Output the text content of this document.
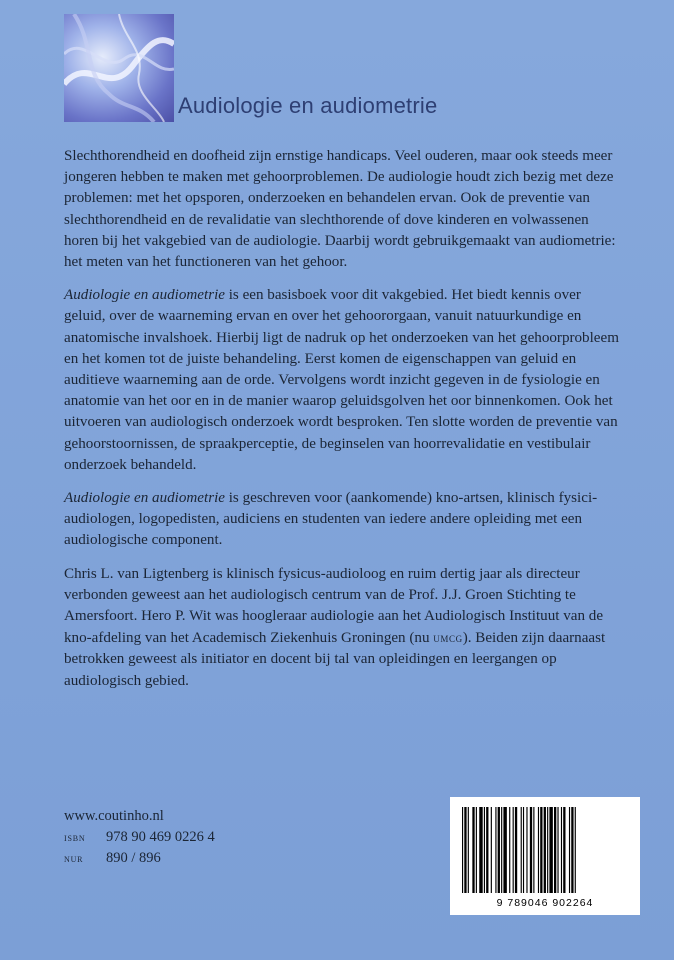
Audiologie en audiometrie

Slechthorendheid en doofheid zijn ernstige handicaps. Veel ouderen, maar ook steeds meer jongeren hebben te maken met gehoorproblemen. De audiologie houdt zich bezig met deze problemen: met het opsporen, onderzoeken en behandelen ervan. Ook de preventie van slechthorendheid en de revalidatie van slechthorende of dove kinderen en volwassenen horen bij het vakgebied van de audiologie. Daarbij wordt gebruikgemaakt van audiometrie: het meten van het functioneren van het gehoor.

Audiologie en audiometrie is een basisboek voor dit vakgebied. Het biedt kennis over geluid, over de waarneming ervan en over het gehoororgaan, vanuit natuurkundige en anatomische invalshoek. Hierbij ligt de nadruk op het onderzoeken van het gehoorprobleem en het komen tot de juiste behandeling. Eerst komen de eigenschappen van geluid en auditieve waarneming aan de orde. Vervolgens wordt inzicht gegeven in de fysiologie en anatomie van het oor en in de manier waarop geluidsgolven het oor binnenkomen. Ook het uitvoeren van audiologisch onderzoek wordt besproken. Ten slotte worden de preventie van gehoorstoornissen, de spraakperceptie, de beginselen van hoorrevalidatie en vestibulair onderzoek behandeld.

Audiologie en audiometrie is geschreven voor (aankomende) kno-artsen, klinisch fysici-audiologen, logopedisten, audiciens en studenten van iedere andere opleiding met een audiologische component.

Chris L. van Ligtenberg is klinisch fysicus-audioloog en ruim dertig jaar als directeur verbonden geweest aan het audiologisch centrum van de Prof. J.J. Groen Stichting te Amersfoort. Hero P. Wit was hoogleraar audiologie aan het Audiologisch Instituut van de kno-afdeling van het Academisch Ziekenhuis Groningen (nu umcg). Beiden zijn daarnaast betrokken geweest als initiator en docent bij tal van opleidingen en leergangen op audiologisch gebied.

www.coutinho.nl
isbn	978 90 469 0226 4
nur	890 / 896
9 789046 902264
